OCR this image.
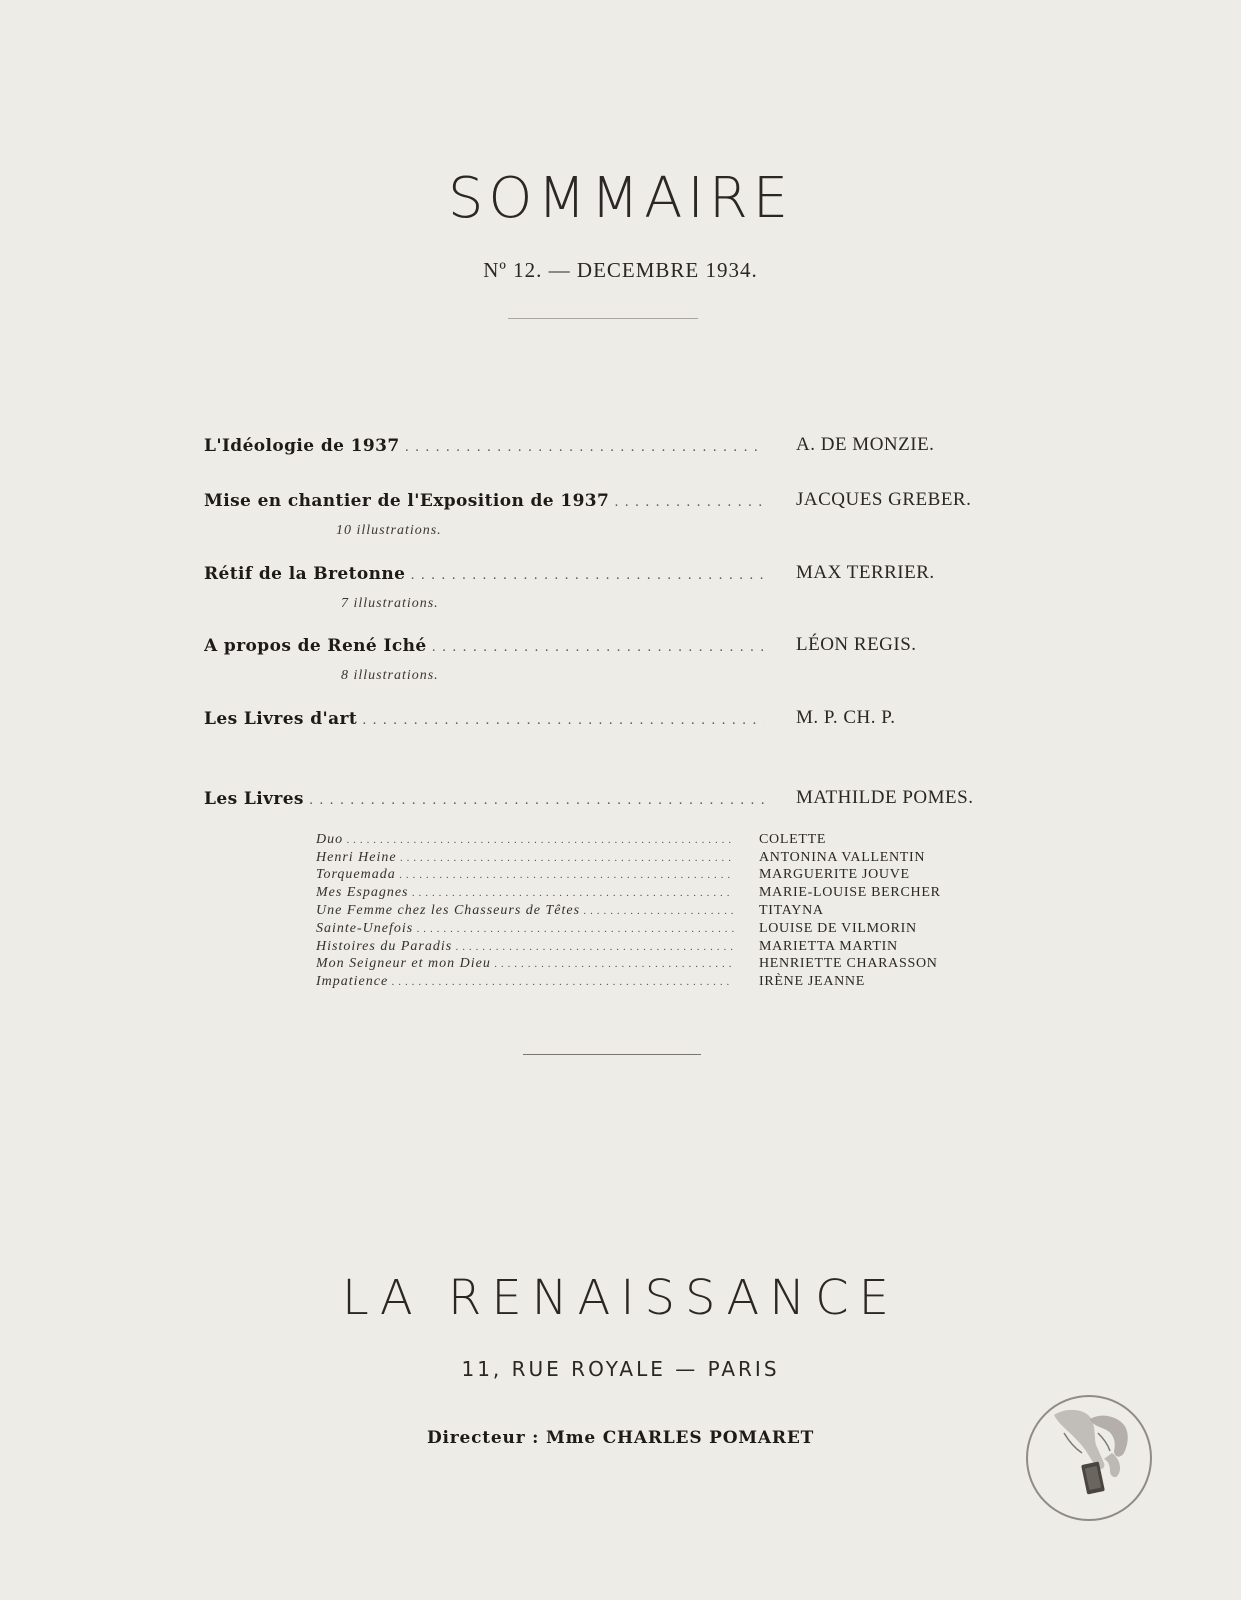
SOMMAIRE
Nº 12. — DECEMBRE 1934.
L'Idéologie de 1937 . . .	A. DE MONZIE.
Mise en chantier de l'Exposition de 1937 . . .	JACQUES GREBER.
10 illustrations.
Rétif de la Bretonne . . .	MAX TERRIER.
7 illustrations.
A propos de René Iché . . .	LÉON REGIS.
8 illustrations.
Les Livres d'art . . .	M. P. CH. P.
Les Livres . . .	MATHILDE POMES.
Duo . . .	COLETTE
Henri Heine . . .	ANTONINA VALLENTIN
Torquemada . . .	MARGUERITE JOUVE
Mes Espagnes . . .	MARIE-LOUISE BERCHER
Une Femme chez les Chasseurs de Têtes . . .	TITAYNA
Sainte-Unefois . . .	LOUISE DE VILMORIN
Histoires du Paradis . . .	MARIETTA MARTIN
Mon Seigneur et mon Dieu . . .	HENRIETTE CHARASSON
Impatience . . .	IRÈNE JEANNE
LA RENAISSANCE
11, RUE ROYALE — PARIS
Directeur : Mme CHARLES POMARET
